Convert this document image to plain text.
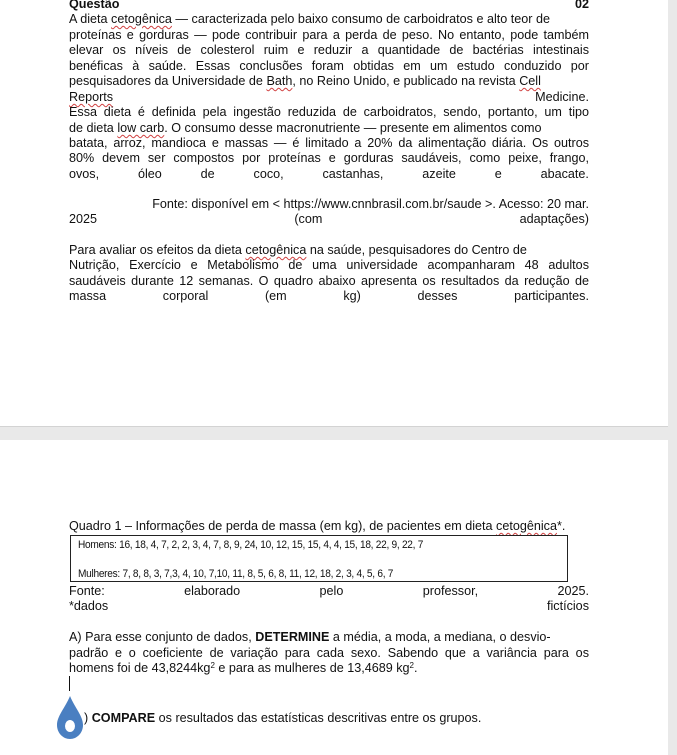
Questão	02
A dieta cetogênica — caracterizada pelo baixo consumo de carboidratos e alto teor de
proteínas e gorduras — pode contribuir para a perda de peso. No entanto, pode também
elevar os níveis de colesterol ruim e reduzir a quantidade de bactérias intestinais
benéficas à saúde. Essas conclusões foram obtidas em um estudo conduzido por
pesquisadores da Universidade de Bath, no Reino Unido, e publicado na revista Cell
Reports	Medicine.
Essa dieta é definida pela ingestão reduzida de carboidratos, sendo, portanto, um tipo
de dieta low carb. O consumo desse macronutriente — presente em alimentos como
batata, arroz, mandioca e massas — é limitado a 20% da alimentação diária. Os outros
80% devem ser compostos por proteínas e gorduras saudáveis, como peixe, frango,
ovos,	óleo	de	coco,	castanhas,	azeite	e	abacate.
Fonte: disponível em < https://www.cnnbrasil.com.br/saude >. Acesso: 20 mar.
2025	(com	adaptações)
Para avaliar os efeitos da dieta cetogênica na saúde, pesquisadores do Centro de
Nutrição, Exercício e Metabolismo de uma universidade acompanharam 48 adultos
saudáveis durante 12 semanas. O quadro abaixo apresenta os resultados da redução de
massa	corporal	(em	kg)	desses	participantes.
Quadro 1 – Informações de perda de massa (em kg), de pacientes em dieta cetogênica*.
Homens: 16, 18, 4, 7, 2, 2, 3, 4, 7, 8, 9, 24, 10, 12, 15, 15, 4, 4, 15, 18, 22, 9, 22, 7
Mulheres: 7, 8, 8, 3, 7,3, 4, 10, 7,10, 11, 8, 5, 6, 8, 11, 12, 18, 2, 3, 4, 5, 6, 7
Fonte:	elaborado	pelo	professor,	2025.
*dados	fictícios
A) Para esse conjunto de dados, DETERMINE a média, a moda, a mediana, o desvio-
padrão e o coeficiente de variação para cada sexo. Sabendo que a variância para os
homens foi de $43,8244kg^2$ e para as mulheres de 13,4689 $kg^2$.
) COMPARE os resultados das estatísticas descritivas entre os grupos.
